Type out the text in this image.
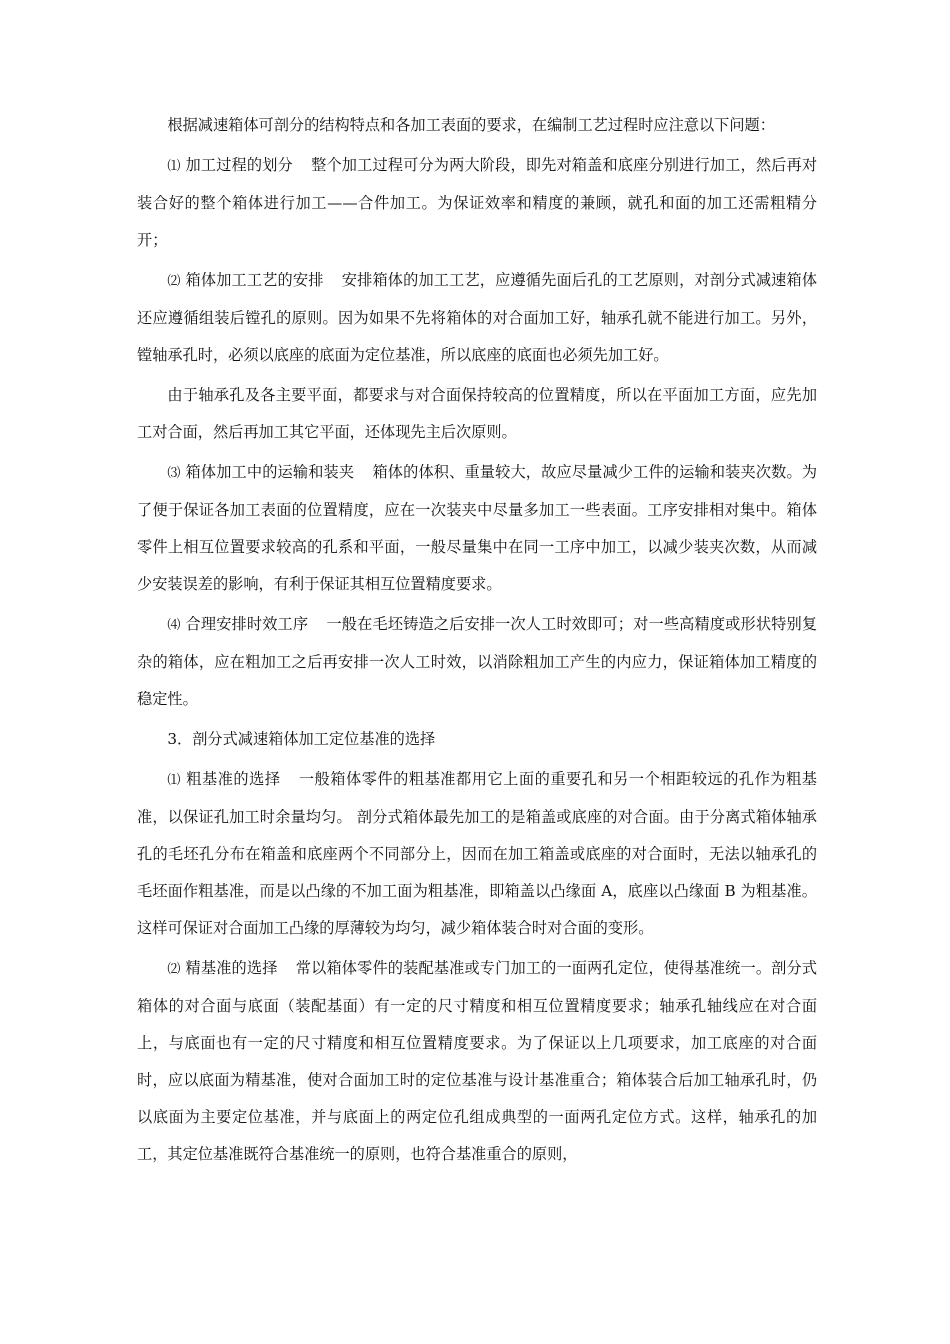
根据减速箱体可剖分的结构特点和各加工表面的要求，在编制工艺过程时应注意以下问题：

⑴ 加工过程的划分 整个加工过程可分为两大阶段，即先对箱盖和底座分别进行加工，然后再对装合好的整个箱体进行加工——合件加工。为保证效率和精度的兼顾，就孔和面的加工还需粗精分开；

⑵ 箱体加工工艺的安排 安排箱体的加工工艺，应遵循先面后孔的工艺原则，对剖分式减速箱体还应遵循组装后镗孔的原则。因为如果不先将箱体的对合面加工好，轴承孔就不能进行加工。另外，镗轴承孔时，必须以底座的底面为定位基准，所以底座的底面也必须先加工好。

由于轴承孔及各主要平面，都要求与对合面保持较高的位置精度，所以在平面加工方面，应先加工对合面，然后再加工其它平面，还体现先主后次原则。

⑶ 箱体加工中的运输和装夹 箱体的体积、重量较大，故应尽量减少工件的运输和装夹次数。为了便于保证各加工表面的位置精度，应在一次装夹中尽量多加工一些表面。工序安排相对集中。箱体零件上相互位置要求较高的孔系和平面，一般尽量集中在同一工序中加工，以减少装夹次数，从而减少安装误差的影响，有利于保证其相互位置精度要求。

⑷ 合理安排时效工序 一般在毛坯铸造之后安排一次人工时效即可；对一些高精度或形状特别复杂的箱体，应在粗加工之后再安排一次人工时效，以消除粗加工产生的内应力，保证箱体加工精度的稳定性。

3．剖分式减速箱体加工定位基准的选择

⑴ 粗基准的选择 一般箱体零件的粗基准都用它上面的重要孔和另一个相距较远的孔作为粗基准，以保证孔加工时余量均匀。 剖分式箱体最先加工的是箱盖或底座的对合面。由于分离式箱体轴承孔的毛坯孔分布在箱盖和底座两个不同部分上，因而在加工箱盖或底座的对合面时，无法以轴承孔的毛坯面作粗基准，而是以凸缘的不加工面为粗基准，即箱盖以凸缘面 A，底座以凸缘面 B 为粗基准。这样可保证对合面加工凸缘的厚薄较为均匀，减少箱体装合时对合面的变形。

⑵ 精基准的选择 常以箱体零件的装配基准或专门加工的一面两孔定位，使得基准统一。剖分式箱体的对合面与底面（装配基面）有一定的尺寸精度和相互位置精度要求；轴承孔轴线应在对合面上，与底面也有一定的尺寸精度和相互位置精度要求。为了保证以上几项要求，加工底座的对合面时，应以底面为精基准，使对合面加工时的定位基准与设计基准重合；箱体装合后加工轴承孔时，仍以底面为主要定位基准，并与底面上的两定位孔组成典型的一面两孔定位方式。这样，轴承孔的加工，其定位基准既符合基准统一的原则，也符合基准重合的原则，
